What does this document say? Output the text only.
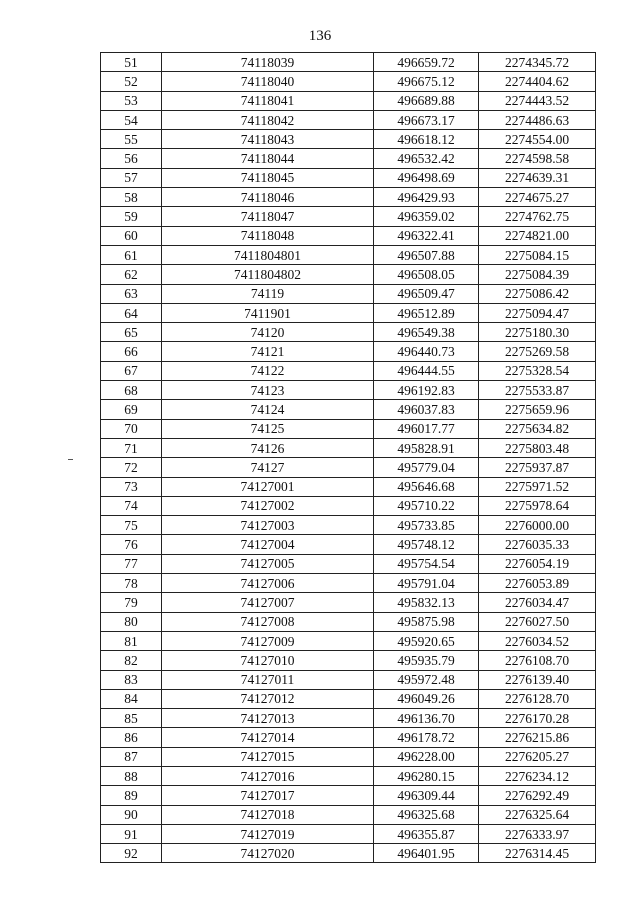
136
51	74118039	496659.72	2274345.72
52	74118040	496675.12	2274404.62
53	74118041	496689.88	2274443.52
54	74118042	496673.17	2274486.63
55	74118043	496618.12	2274554.00
56	74118044	496532.42	2274598.58
57	74118045	496498.69	2274639.31
58	74118046	496429.93	2274675.27
59	74118047	496359.02	2274762.75
60	74118048	496322.41	2274821.00
61	7411804801	496507.88	2275084.15
62	7411804802	496508.05	2275084.39
63	74119	496509.47	2275086.42
64	7411901	496512.89	2275094.47
65	74120	496549.38	2275180.30
66	74121	496440.73	2275269.58
67	74122	496444.55	2275328.54
68	74123	496192.83	2275533.87
69	74124	496037.83	2275659.96
70	74125	496017.77	2275634.82
71	74126	495828.91	2275803.48
72	74127	495779.04	2275937.87
73	74127001	495646.68	2275971.52
74	74127002	495710.22	2275978.64
75	74127003	495733.85	2276000.00
76	74127004	495748.12	2276035.33
77	74127005	495754.54	2276054.19
78	74127006	495791.04	2276053.89
79	74127007	495832.13	2276034.47
80	74127008	495875.98	2276027.50
81	74127009	495920.65	2276034.52
82	74127010	495935.79	2276108.70
83	74127011	495972.48	2276139.40
84	74127012	496049.26	2276128.70
85	74127013	496136.70	2276170.28
86	74127014	496178.72	2276215.86
87	74127015	496228.00	2276205.27
88	74127016	496280.15	2276234.12
89	74127017	496309.44	2276292.49
90	74127018	496325.68	2276325.64
91	74127019	496355.87	2276333.97
92	74127020	496401.95	2276314.45
